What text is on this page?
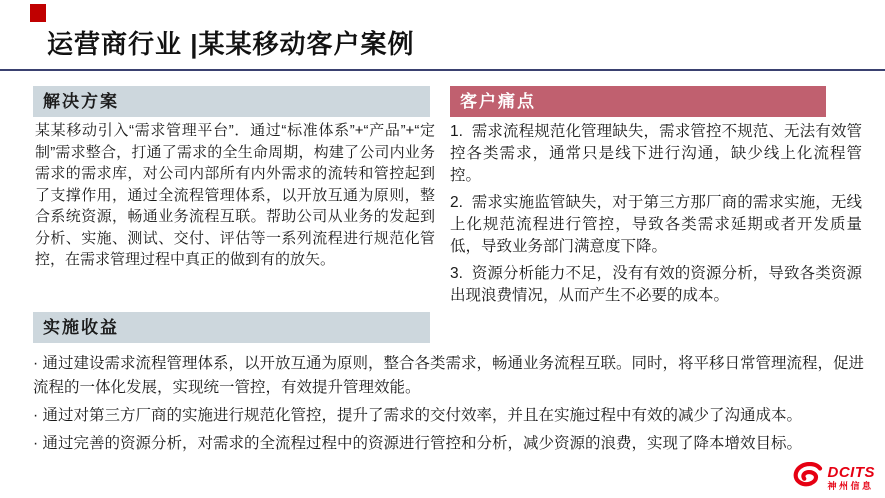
运营商行业 |某某移动客户案例
解决方案
某某移动引入“需求管理平台”．通过“标准体系”+“产品”+“定制”需求整合，打通了需求的全生命周期，构建了公司内业务需求的需求库，对公司内部所有内外需求的流转和管控起到了支撑作用，通过全流程管理体系，以开放互通为原则，整合系统资源，畅通业务流程互联。帮助公司从业务的发起到分析、实施、测试、交付、评估等一系列流程进行规范化管控，在需求管理过程中真正的做到有的放矢。
客户痛点
1.  需求流程规范化管理缺失，需求管控不规范、无法有效管控各类需求，通常只是线下进行沟通，缺少线上化流程管控。
2.  需求实施监管缺失，对于第三方那厂商的需求实施，无线上化规范流程进行管控，导致各类需求延期或者开发质量低，导致业务部门满意度下降。
3.  资源分析能力不足，没有有效的资源分析，导致各类资源出现浪费情况，从而产生不必要的成本。
实施收益
· 通过建设需求流程管理体系，以开放互通为原则，整合各类需求，畅通业务流程互联。同时，将平移日常管理流程，促进流程的一体化发展，实现统一管控，有效提升管理效能。
· 通过对第三方厂商的实施进行规范化管控，提升了需求的交付效率，并且在实施过程中有效的减少了沟通成本。
· 通过完善的资源分析，对需求的全流程过程中的资源进行管控和分析，减少资源的浪费，实现了降本增效目标。
DCITS
神州信息
